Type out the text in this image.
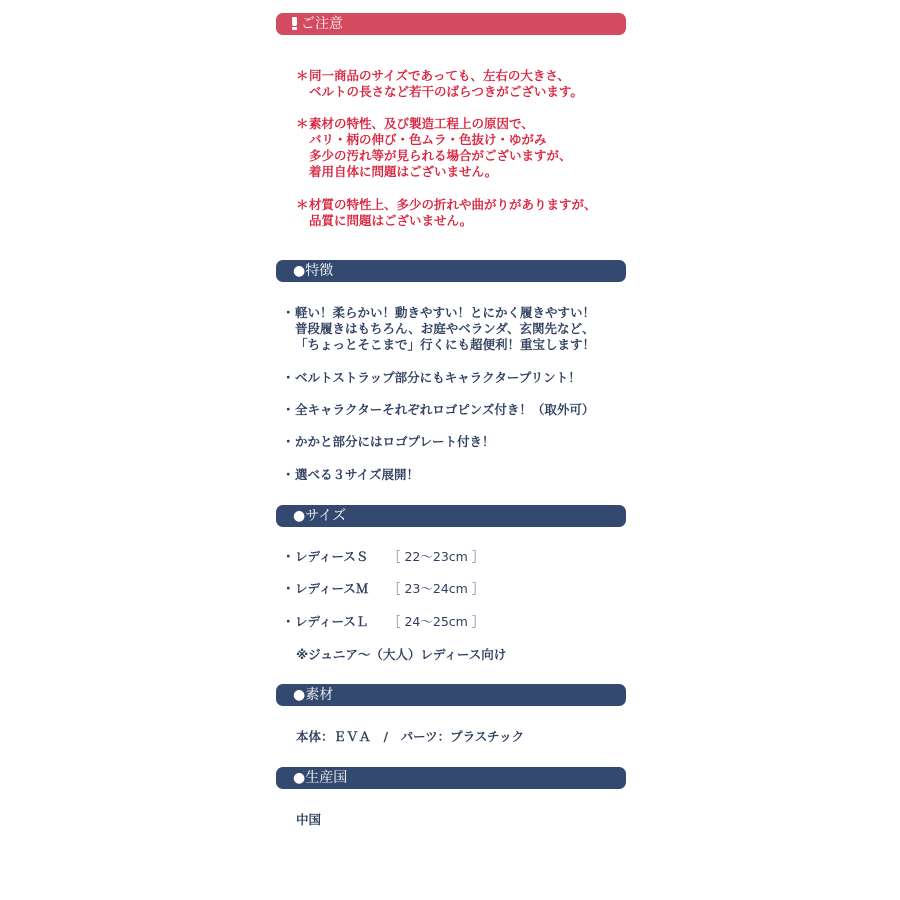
ご注意
＊同一商品のサイズであっても、左右の大きさ、
ベルトの長さなど若干のばらつきがございます。
＊素材の特性、及び製造工程上の原因で、
バリ・柄の伸び・色ムラ・色抜け・ゆがみ
多少の汚れ等が見られる場合がございますが、
着用自体に問題はございません。
＊材質の特性上、多少の折れや曲がりがありますが、
品質に問題はございません。
●特徴
・軽い！柔らかい！動きやすい！とにかく履きやすい！
普段履きはもちろん、お庭やベランダ、玄関先など、
「ちょっとそこまで」行くにも超便利！重宝します！
・ベルトストラップ部分にもキャラクタープリント！
・全キャラクターそれぞれロゴピンズ付き！（取外可）
・かかと部分にはロゴプレート付き！
・選べる３サイズ展開！
●サイズ
・レディースＳ ［ 22〜23cm ］
・レディースＭ ［ 23〜24cm ］
・レディースＬ ［ 24〜25cm ］
※ジュニア〜（大人）レディース向け
●素材
本体：ＥＶＡ　/　パーツ：プラスチック
●生産国
中国
